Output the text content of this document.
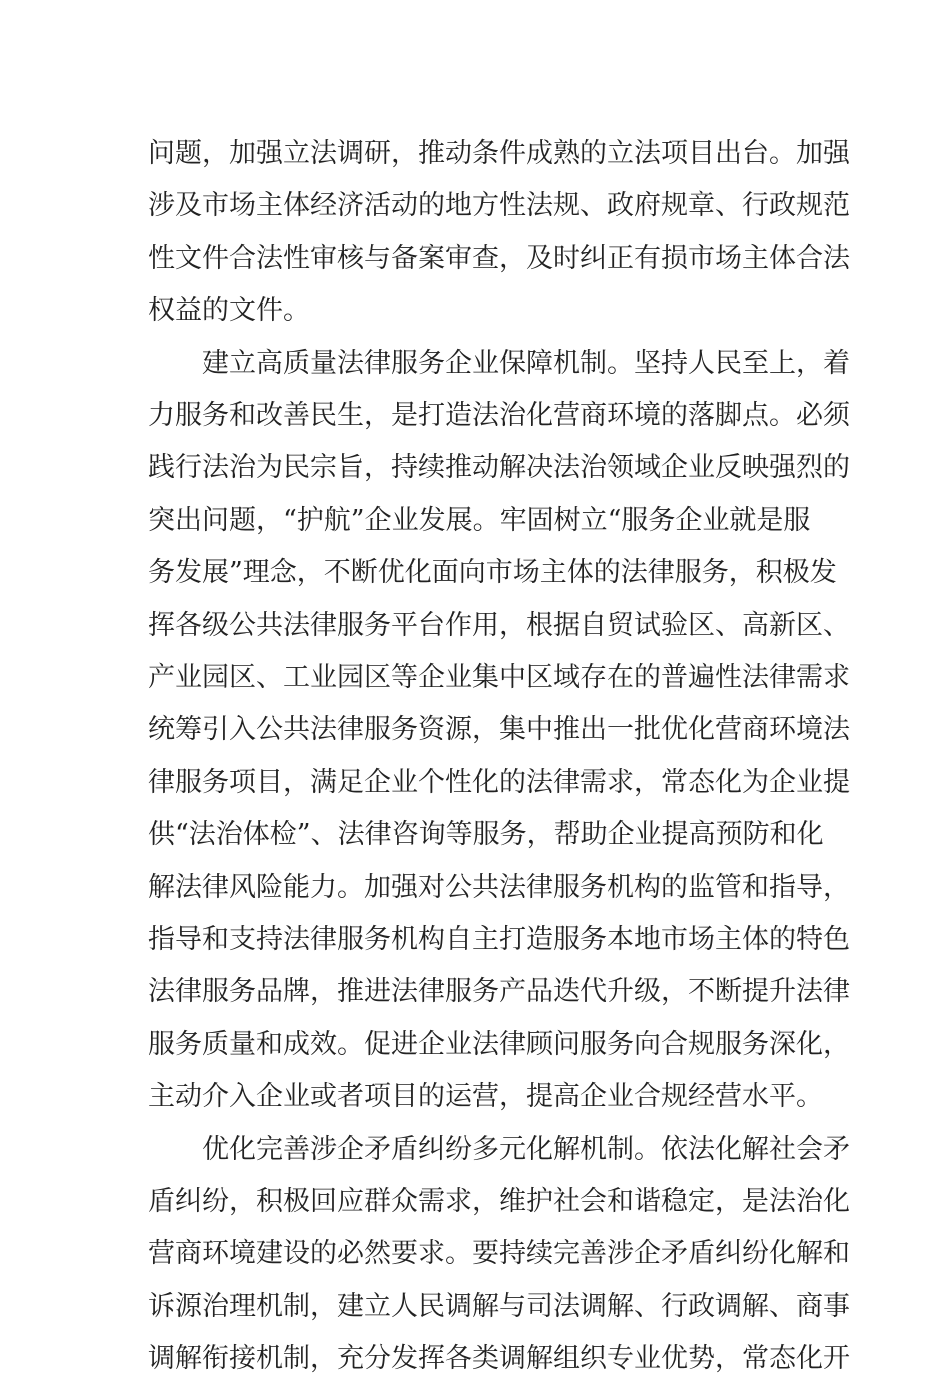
问题，加强立法调研，推动条件成熟的立法项目出台。加强
涉及市场主体经济活动的地方性法规、政府规章、行政规范
性文件合法性审核与备案审查，及时纠正有损市场主体合法
权益的文件。
建立高质量法律服务企业保障机制。坚持人民至上，着
力服务和改善民生，是打造法治化营商环境的落脚点。必须
践行法治为民宗旨，持续推动解决法治领域企业反映强烈的
突出问题，“护航”企业发展。牢固树立“服务企业就是服
务发展”理念，不断优化面向市场主体的法律服务，积极发
挥各级公共法律服务平台作用，根据自贸试验区、高新区、
产业园区、工业园区等企业集中区域存在的普遍性法律需求
统筹引入公共法律服务资源，集中推出一批优化营商环境法
律服务项目，满足企业个性化的法律需求，常态化为企业提
供“法治体检”、法律咨询等服务，帮助企业提高预防和化
解法律风险能力。加强对公共法律服务机构的监管和指导，
指导和支持法律服务机构自主打造服务本地市场主体的特色
法律服务品牌，推进法律服务产品迭代升级，不断提升法律
服务质量和成效。促进企业法律顾问服务向合规服务深化，
主动介入企业或者项目的运营，提高企业合规经营水平。
优化完善涉企矛盾纠纷多元化解机制。依法化解社会矛
盾纠纷，积极回应群众需求，维护社会和谐稳定，是法治化
营商环境建设的必然要求。要持续完善涉企矛盾纠纷化解和
诉源治理机制，建立人民调解与司法调解、行政调解、商事
调解衔接机制，充分发挥各类调解组织专业优势，常态化开
